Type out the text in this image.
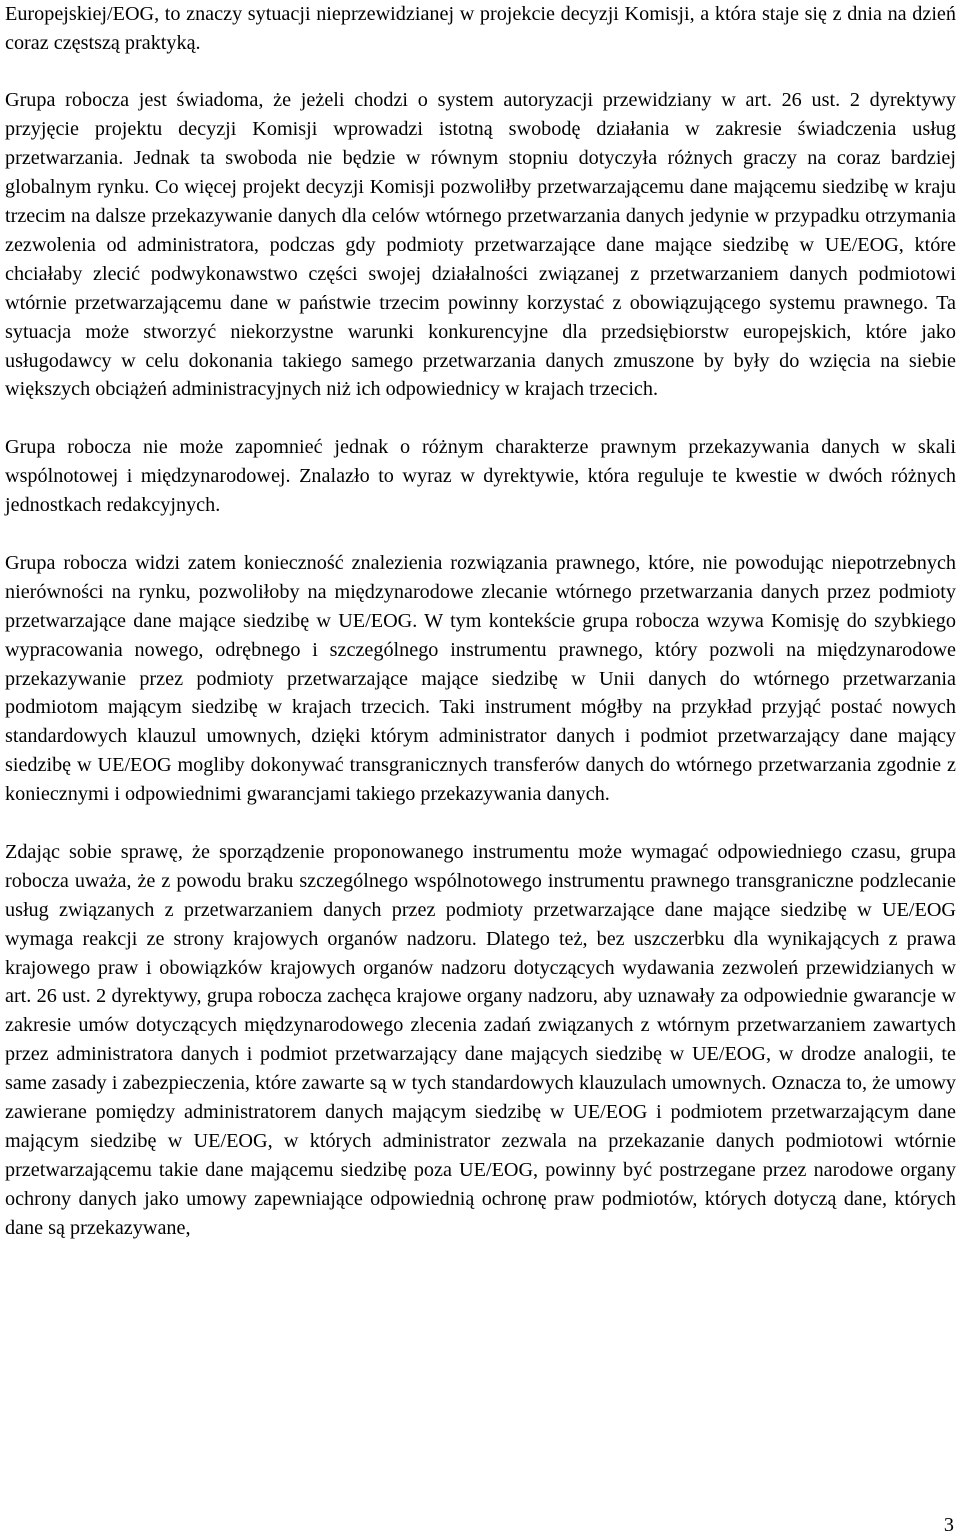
Europejskiej/EOG, to znaczy sytuacji nieprzewidzianej w projekcie decyzji Komisji, a która staje się z dnia na dzień coraz częstszą praktyką.

Grupa robocza jest świadoma, że jeżeli chodzi o system autoryzacji przewidziany w art. 26 ust. 2 dyrektywy przyjęcie projektu decyzji Komisji wprowadzi istotną swobodę działania w zakresie świadczenia usług przetwarzania. Jednak ta swoboda nie będzie w równym stopniu dotyczyła różnych graczy na coraz bardziej globalnym rynku. Co więcej projekt decyzji Komisji pozwoliłby przetwarzającemu dane mającemu siedzibę w kraju trzecim na dalsze przekazywanie danych dla celów wtórnego przetwarzania danych jedynie w przypadku otrzymania zezwolenia od administratora, podczas gdy podmioty przetwarzające dane mające siedzibę w UE/EOG, które chciałaby zlecić podwykonawstwo części swojej działalności związanej z przetwarzaniem danych podmiotowi wtórnie przetwarzającemu dane w państwie trzecim powinny korzystać z obowiązującego systemu prawnego. Ta sytuacja może stworzyć niekorzystne warunki konkurencyjne dla przedsiębiorstw europejskich, które jako usługodawcy w celu dokonania takiego samego przetwarzania danych zmuszone by były do wzięcia na siebie większych obciążeń administracyjnych niż ich odpowiednicy w krajach trzecich.

Grupa robocza nie może zapomnieć jednak o różnym charakterze prawnym przekazywania danych w skali wspólnotowej i międzynarodowej. Znalazło to wyraz w dyrektywie, która reguluje te kwestie w dwóch różnych jednostkach redakcyjnych.

Grupa robocza widzi zatem konieczność znalezienia rozwiązania prawnego, które, nie powodując niepotrzebnych nierówności na rynku, pozwoliłoby na międzynarodowe zlecanie wtórnego przetwarzania danych przez podmioty przetwarzające dane mające siedzibę w UE/EOG. W tym kontekście grupa robocza wzywa Komisję do szybkiego wypracowania nowego, odrębnego i szczególnego instrumentu prawnego, który pozwoli na międzynarodowe przekazywanie przez podmioty przetwarzające mające siedzibę w Unii danych do wtórnego przetwarzania podmiotom mającym siedzibę w krajach trzecich. Taki instrument mógłby na przykład przyjąć postać nowych standardowych klauzul umownych, dzięki którym administrator danych i podmiot przetwarzający dane mający siedzibę w UE/EOG mogliby dokonywać transgranicznych transferów danych do wtórnego przetwarzania zgodnie z koniecznymi i odpowiednimi gwarancjami takiego przekazywania danych.

Zdając sobie sprawę, że sporządzenie proponowanego instrumentu może wymagać odpowiedniego czasu, grupa robocza uważa, że z powodu braku szczególnego wspólnotowego instrumentu prawnego transgraniczne podzlecanie usług związanych z przetwarzaniem danych przez podmioty przetwarzające dane mające siedzibę w UE/EOG wymaga reakcji ze strony krajowych organów nadzoru. Dlatego też, bez uszczerbku dla wynikających z prawa krajowego praw i obowiązków krajowych organów nadzoru dotyczących wydawania zezwoleń przewidzianych w art. 26 ust. 2 dyrektywy, grupa robocza zachęca krajowe organy nadzoru, aby uznawały za odpowiednie gwarancje w zakresie umów dotyczących międzynarodowego zlecenia zadań związanych z wtórnym przetwarzaniem zawartych przez administratora danych i podmiot przetwarzający dane mających siedzibę w UE/EOG, w drodze analogii, te same zasady i zabezpieczenia, które zawarte są w tych standardowych klauzulach umownych. Oznacza to, że umowy zawierane pomiędzy administratorem danych mającym siedzibę w UE/EOG i podmiotem przetwarzającym dane mającym siedzibę w UE/EOG, w których administrator zezwala na przekazanie danych podmiotowi wtórnie przetwarzającemu takie dane mającemu siedzibę poza UE/EOG, powinny być postrzegane przez narodowe organy ochrony danych jako umowy zapewniające odpowiednią ochronę praw podmiotów, których dotyczą dane, których dane są przekazywane,

3
